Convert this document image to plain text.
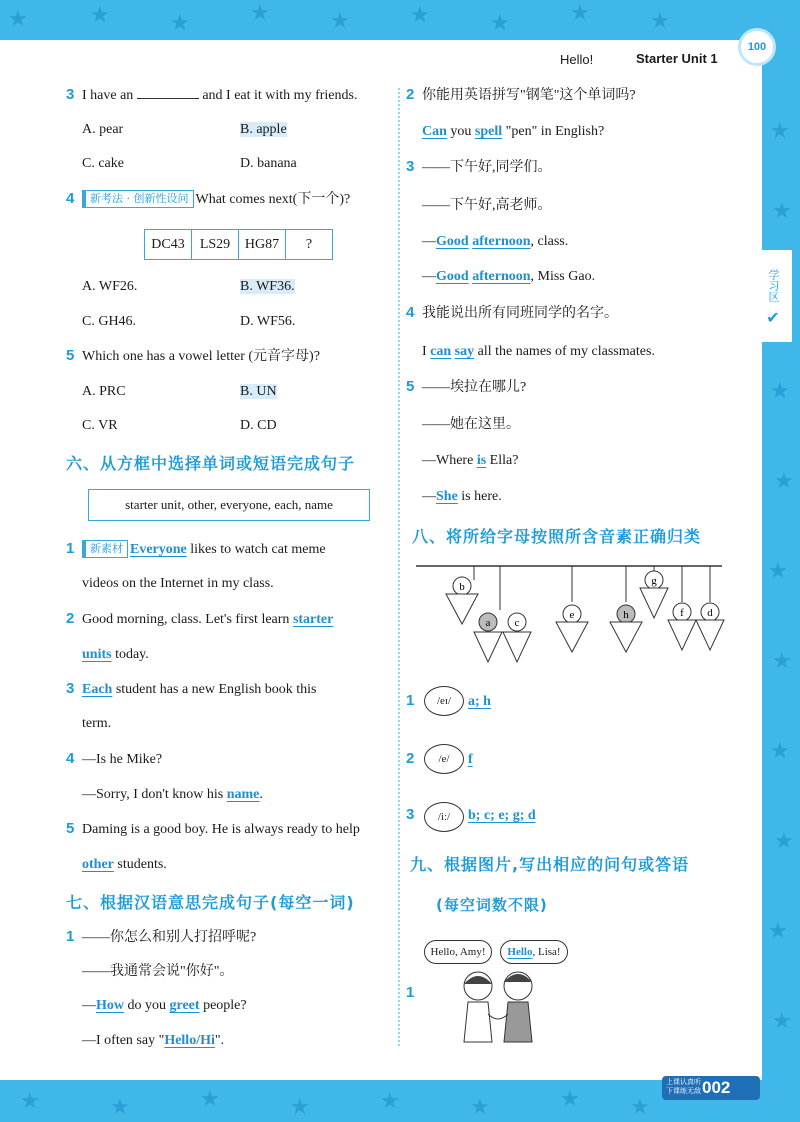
★	★	★	★	★	★	★	★	★
★
★
★
★
★
★
★
★
★
★
★	★	★	★	★	★	★ ★
Hello!	Starter Unit 1
100
学习区
✔
3 I have an	and I eat it with my friends.
A. pear	B. apple
C. cake	D. banana
4	新考法 · 创新性设问 What comes next(下一个)?
DC43	LS29	HG87	?
A. WF26.	B. WF36.
C. GH46.	D. WF56.
5 Which one has a vowel letter (元音字母)?
A. PRC	B. UN
C. VR	D. CD
六、从方框中选择单词或短语完成句子
starter unit, other, everyone, each, name
1	新素材 Everyone likes to watch cat meme
videos on the Internet in my class.
2 Good morning, class. Let's first learn starter
units today.
3 Each student has a new English book this
term.
4 —Is he Mike?
—Sorry, I don't know his name.
5 Daming is a good boy. He is always ready to help
other students.
七、根据汉语意思完成句子(每空一词)
1 ——你怎么和别人打招呼呢?
——我通常会说"你好"。
—How do you greet people?
—I often say "Hello/Hi".
2 你能用英语拼写"钢笔"这个单词吗?
Can you spell "pen" in English?
3 ——下午好,同学们。
——下午好,高老师。
—Good afternoon, class.
—Good afternoon, Miss Gao.
4 我能说出所有同班同学的名字。
I can say all the names of my classmates.
5 ——埃拉在哪儿?
——她在这里。
—Where is Ella?
—She is here.
八、将所给字母按照所含音素正确归类
b
a c
e	h
g
f d
1	/eɪ/	a; h
2	/e/	f
3	/iː/	b; c; e; g; d
九、根据图片,写出相应的问句或答语
(每空词数不限)
1
Hello, Amy!	Hello, Lisa!
上课认真听
下课练无敌 002
